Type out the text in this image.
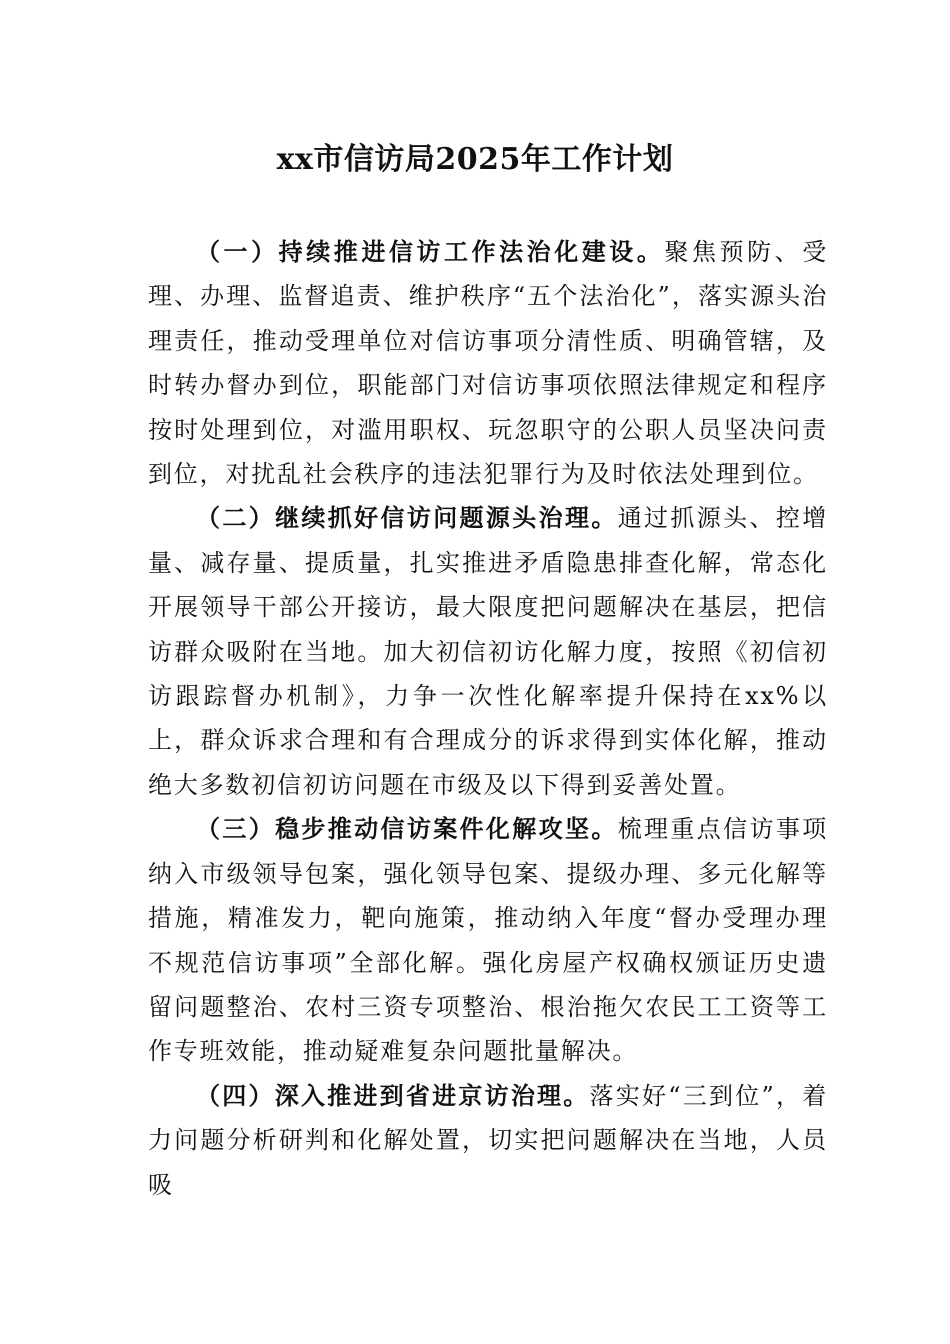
xx市信访局2025年工作计划

（一）持续推进信访工作法治化建设。聚焦预防、受理、办理、监督追责、维护秩序“五个法治化”，落实源头治理责任，推动受理单位对信访事项分清性质、明确管辖，及时转办督办到位，职能部门对信访事项依照法律规定和程序按时处理到位，对滥用职权、玩忽职守的公职人员坚决问责到位，对扰乱社会秩序的违法犯罪行为及时依法处理到位。

（二）继续抓好信访问题源头治理。通过抓源头、控增量、减存量、提质量，扎实推进矛盾隐患排查化解，常态化开展领导干部公开接访，最大限度把问题解决在基层，把信访群众吸附在当地。加大初信初访化解力度，按照《初信初访跟踪督办机制》，力争一次性化解率提升保持在xx%以上，群众诉求合理和有合理成分的诉求得到实体化解，推动绝大多数初信初访问题在市级及以下得到妥善处置。

（三）稳步推动信访案件化解攻坚。梳理重点信访事项纳入市级领导包案，强化领导包案、提级办理、多元化解等措施，精准发力，靶向施策，推动纳入年度“督办受理办理不规范信访事项”全部化解。强化房屋产权确权颁证历史遗留问题整治、农村三资专项整治、根治拖欠农民工工资等工作专班效能，推动疑难复杂问题批量解决。

（四）深入推进到省进京访治理。落实好“三到位”，着力问题分析研判和化解处置，切实把问题解决在当地，人员吸
